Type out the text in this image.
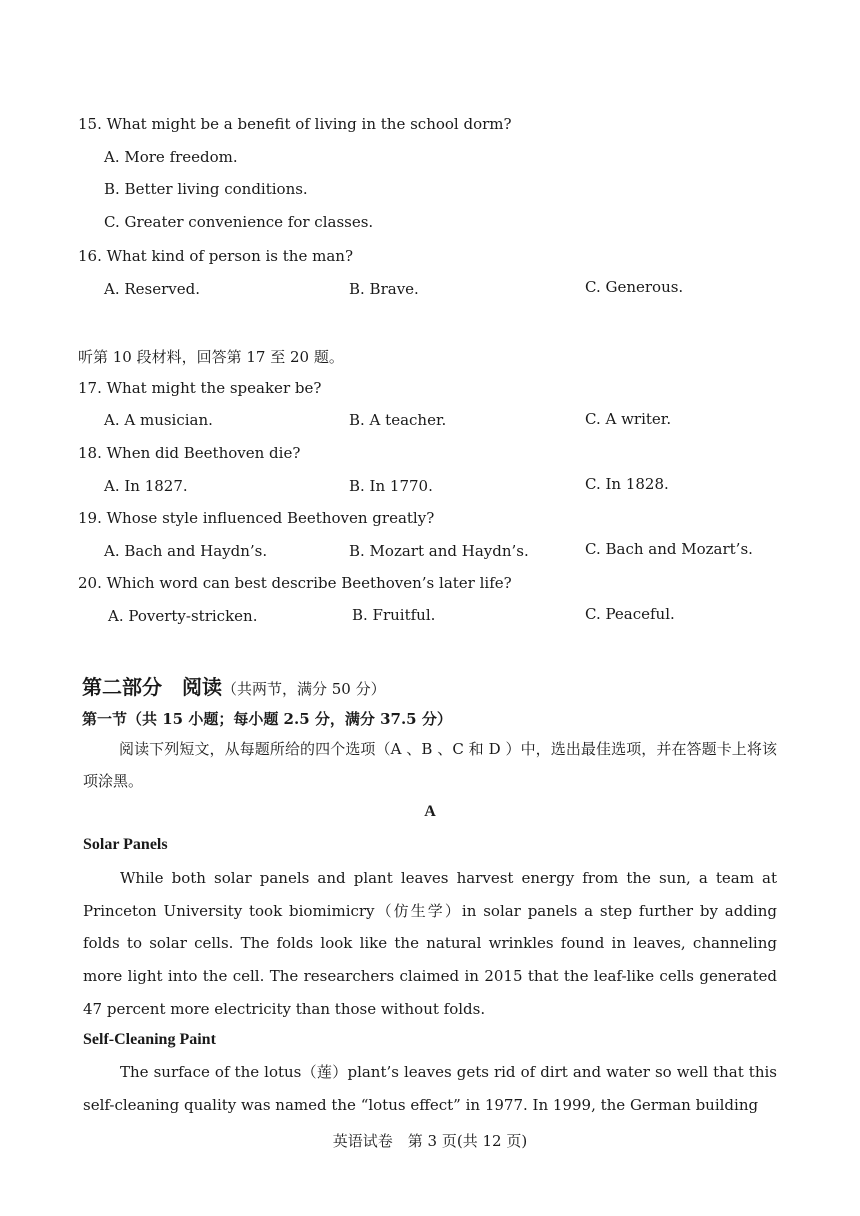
15. What might be a benefit of living in the school dorm?
A. More freedom.
B. Better living conditions.
C. Greater convenience for classes.
16. What kind of person is the man?
A. Reserved.	B. Brave.	C. Generous.
听第 10 段材料，回答第 17 至 20 题。
17. What might the speaker be?
A. A musician.	B. A teacher.	C. A writer.
18. When did Beethoven die?
A. In 1827.	B. In 1770.	C. In 1828.
19. Whose style influenced Beethoven greatly?
A. Bach and Haydn’s.	B. Mozart and Haydn’s.	C. Bach and Mozart’s.
20. Which word can best describe Beethoven’s later life?
A. Poverty-stricken.	B. Fruitful.	C. Peaceful.
第二部分　阅读（共两节，满分 50 分）
第一节（共 15 小题；每小题 2.5 分，满分 37.5 分）
阅读下列短文，从每题所给的四个选项（A 、B 、C 和 D ）中，选出最佳选项，并在答题卡上将该项涂黑。
A
Solar Panels
While both solar panels and plant leaves harvest energy from the sun, a team at Princeton University took biomimicry（仿生学）in solar panels a step further by adding folds to solar cells. The folds look like the natural wrinkles found in leaves, channeling more light into the cell. The researchers claimed in 2015 that the leaf-like cells generated 47 percent more electricity than those without folds.
Self-Cleaning Paint
The surface of the lotus（莲）plant’s leaves gets rid of dirt and water so well that this self-cleaning quality was named the “lotus effect” in 1977. In 1999, the German building
英语试卷　第 3 页(共 12 页)
